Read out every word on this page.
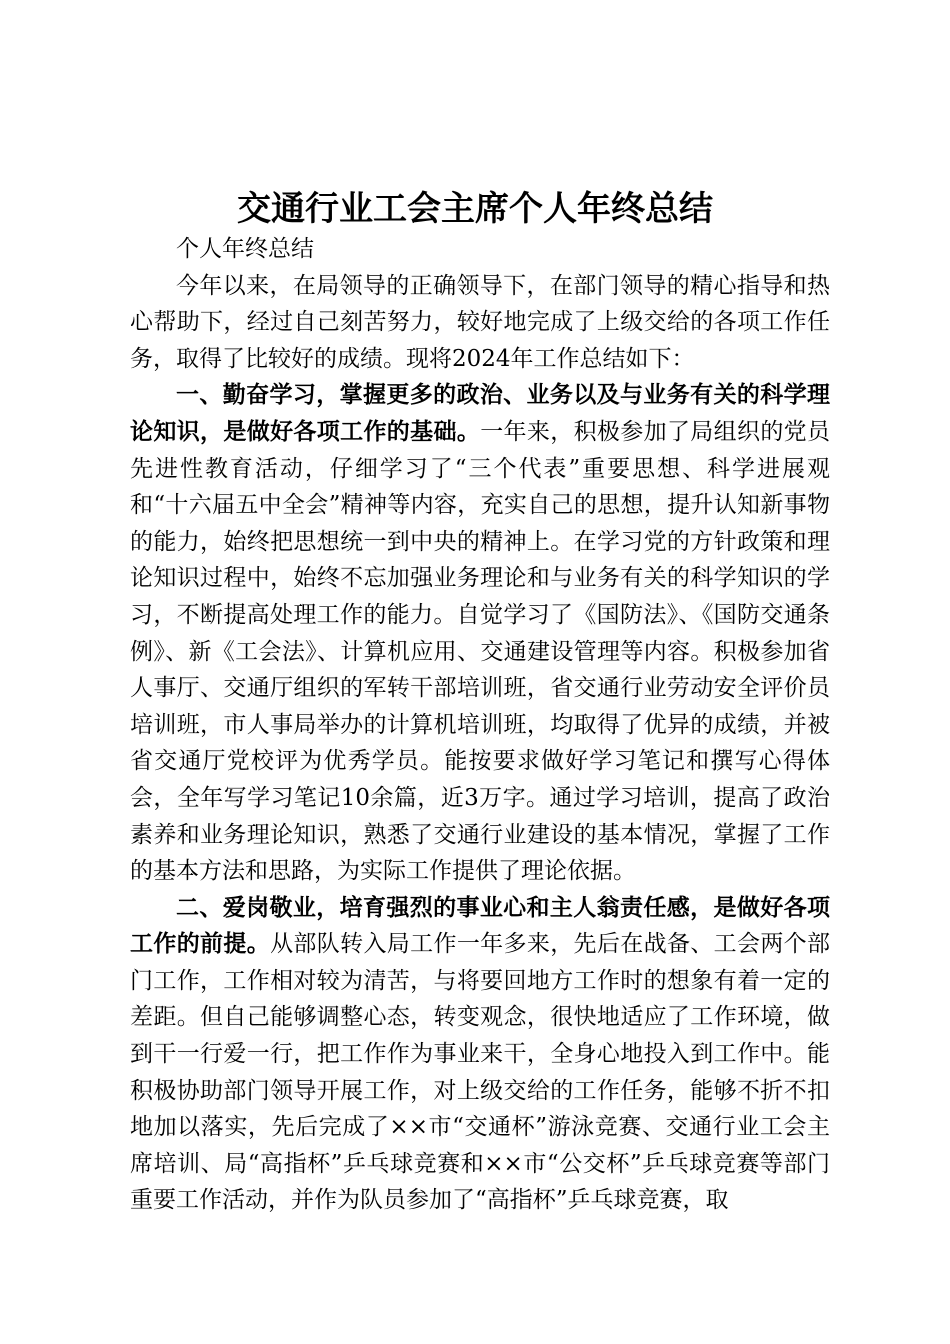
交通行业工会主席个人年终总结

个人年终总结

今年以来，在局领导的正确领导下，在部门领导的精心指导和热心帮助下，经过自己刻苦努力，较好地完成了上级交给的各项工作任务，取得了比较好的成绩。现将2024年工作总结如下：

一、勤奋学习，掌握更多的政治、业务以及与业务有关的科学理论知识，是做好各项工作的基础。一年来，积极参加了局组织的党员先进性教育活动，仔细学习了“三个代表”重要思想、科学进展观和“十六届五中全会”精神等内容，充实自己的思想，提升认知新事物的能力，始终把思想统一到中央的精神上。在学习党的方针政策和理论知识过程中，始终不忘加强业务理论和与业务有关的科学知识的学习，不断提高处理工作的能力。自觉学习了《国防法》、《国防交通条例》、新《工会法》、计算机应用、交通建设管理等内容。积极参加省人事厅、交通厅组织的军转干部培训班，省交通行业劳动安全评价员培训班，市人事局举办的计算机培训班，均取得了优异的成绩，并被省交通厅党校评为优秀学员。能按要求做好学习笔记和撰写心得体会，全年写学习笔记10余篇，近3万字。通过学习培训，提高了政治素养和业务理论知识，熟悉了交通行业建设的基本情况，掌握了工作的基本方法和思路，为实际工作提供了理论依据。

二、爱岗敬业，培育强烈的事业心和主人翁责任感，是做好各项工作的前提。从部队转入局工作一年多来，先后在战备、工会两个部门工作，工作相对较为清苦，与将要回地方工作时的想象有着一定的差距。但自己能够调整心态，转变观念，很快地适应了工作环境，做到干一行爱一行，把工作作为事业来干，全身心地投入到工作中。能积极协助部门领导开展工作，对上级交给的工作任务，能够不折不扣地加以落实，先后完成了××市“交通杯”游泳竞赛、交通行业工会主席培训、局“高指杯”乒乓球竞赛和××市“公交杯”乒乓球竞赛等部门重要工作活动，并作为队员参加了“高指杯”乒乓球竞赛，取
